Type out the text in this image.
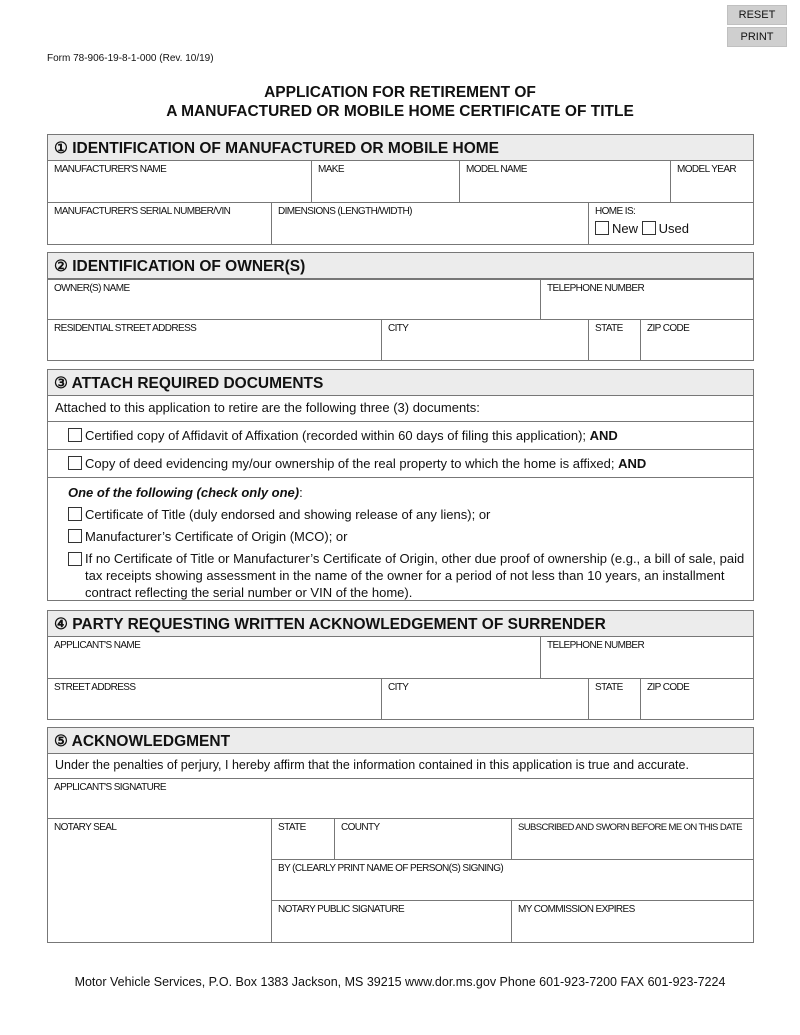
RESET
PRINT
Form 78-906-19-8-1-000 (Rev. 10/19)
APPLICATION FOR RETIREMENT OF
A MANUFACTURED OR MOBILE HOME CERTIFICATE OF TITLE
① IDENTIFICATION OF MANUFACTURED OR MOBILE HOME
MANUFACTURER'S NAME	MAKE	MODEL NAME	MODEL YEAR
MANUFACTURER'S SERIAL NUMBER/VIN	DIMENSIONS (LENGTH/WIDTH)	HOME IS:
New Used
② IDENTIFICATION OF OWNER(S)
OWNER(S) NAME	TELEPHONE NUMBER
RESIDENTIAL STREET ADDRESS	CITY	STATE	ZIP CODE
③ ATTACH REQUIRED DOCUMENTS
Attached to this application to retire are the following three (3) documents:
Certified copy of Affidavit of Affixation (recorded within 60 days of filing this application); AND
Copy of deed evidencing my/our ownership of the real property to which the home is affixed; AND
One of the following (check only one):
Certificate of Title (duly endorsed and showing release of any liens); or
Manufacturer’s Certificate of Origin (MCO); or
If no Certificate of Title or Manufacturer’s Certificate of Origin, other due proof of ownership (e.g., a bill of sale, paid tax receipts showing assessment in the name of the owner for a period of not less than 10 years, an installment contract reflecting the serial number or VIN of the home).
④ PARTY REQUESTING WRITTEN ACKNOWLEDGEMENT OF SURRENDER
APPLICANT'S NAME	TELEPHONE NUMBER
STREET ADDRESS	CITY	STATE	ZIP CODE
⑤ ACKNOWLEDGMENT
Under the penalties of perjury, I hereby affirm that the information contained in this application is true and accurate.
APPLICANT'S SIGNATURE
NOTARY SEAL	STATE	COUNTY	SUBSCRIBED AND SWORN BEFORE ME ON THIS DATE
BY (CLEARLY PRINT NAME OF PERSON(S) SIGNING)
NOTARY PUBLIC SIGNATURE	MY COMMISSION EXPIRES
Motor Vehicle Services, P.O. Box 1383 Jackson, MS 39215 www.dor.ms.gov Phone 601-923-7200 FAX 601-923-7224
